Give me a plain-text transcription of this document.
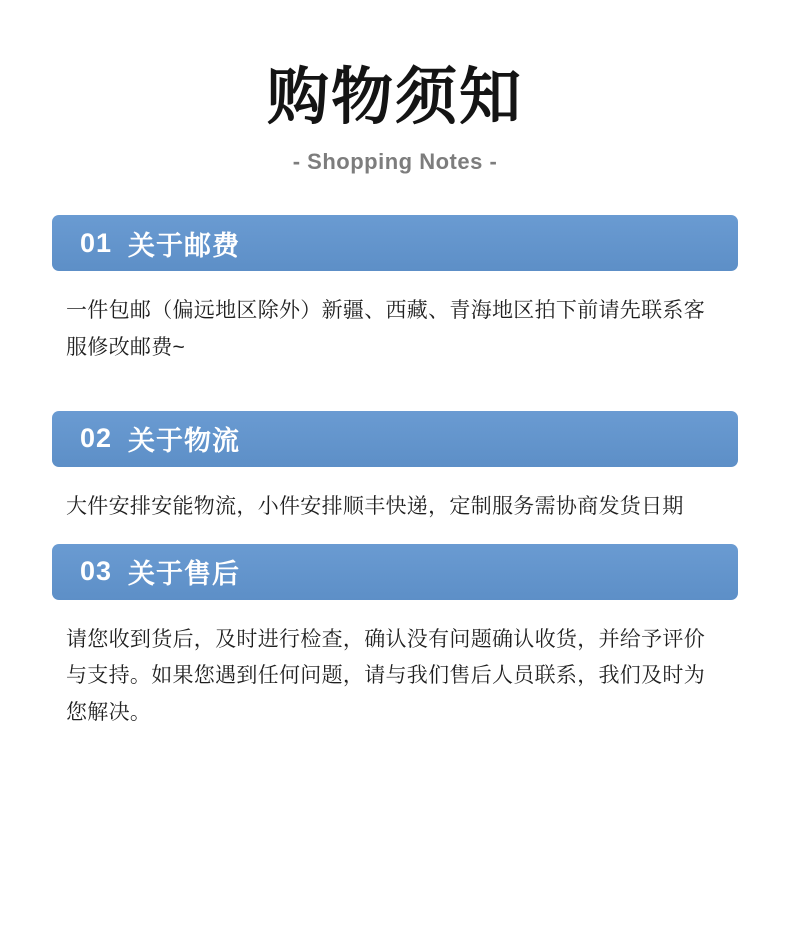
购物须知
- Shopping Notes -
01 关于邮费

一件包邮（偏远地区除外）新疆、西藏、青海地区拍下前请先联系客服修改邮费~

02 关于物流

大件安排安能物流，小件安排顺丰快递，定制服务需协商发货日期

03 关于售后

请您收到货后，及时进行检查，确认没有问题确认收货，并给予评价与支持。如果您遇到任何问题，请与我们售后人员联系，我们及时为您解决。
